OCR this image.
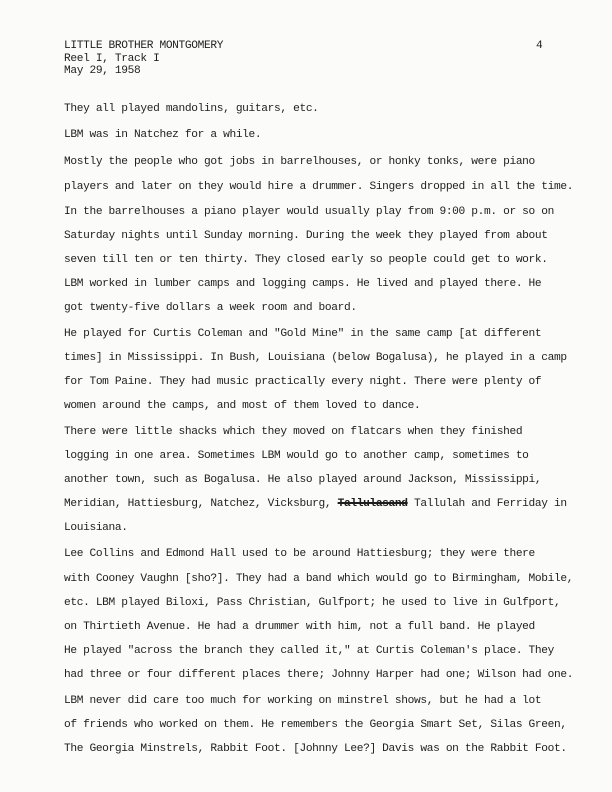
LITTLE BROTHER MONTGOMERY
Reel I, Track I
May 29, 1958
4
They all played mandolins, guitars, etc.
LBM was in Natchez for a while.
Mostly the people who got jobs in barrelhouses, or honky tonks, were piano
players and later on they would hire a drummer. Singers dropped in all the time.
In the barrelhouses a piano player would usually play from 9:00 p.m. or so on
Saturday nights until Sunday morning. During the week they played from about
seven till ten or ten thirty. They closed early so people could get to work.
LBM worked in lumber camps and logging camps. He lived and played there. He
got twenty-five dollars a week room and board.
He played for Curtis Coleman and "Gold Mine" in the same camp [at different
times] in Mississippi. In Bush, Louisiana (below Bogalusa), he played in a camp
for Tom Paine. They had music practically every night. There were plenty of
women around the camps, and most of them loved to dance.
There were little shacks which they moved on flatcars when they finished
logging in one area. Sometimes LBM would go to another camp, sometimes to
another town, such as Bogalusa. He also played around Jackson, Mississippi,
Meridian, Hattiesburg, Natchez, Vicksburg, Tallulasand Tallulah and Ferriday in
Louisiana.
Lee Collins and Edmond Hall used to be around Hattiesburg; they were there
with Cooney Vaughn [sho?]. They had a band which would go to Birmingham, Mobile,
etc. LBM played Biloxi, Pass Christian, Gulfport; he used to live in Gulfport,
on Thirtieth Avenue. He had a drummer with him, not a full band. He played
He played "across the branch they called it," at Curtis Coleman's place. They
had three or four different places there; Johnny Harper had one; Wilson had one.
LBM never did care too much for working on minstrel shows, but he had a lot
of friends who worked on them. He remembers the Georgia Smart Set, Silas Green,
The Georgia Minstrels, Rabbit Foot. [Johnny Lee?] Davis was on the Rabbit Foot.
